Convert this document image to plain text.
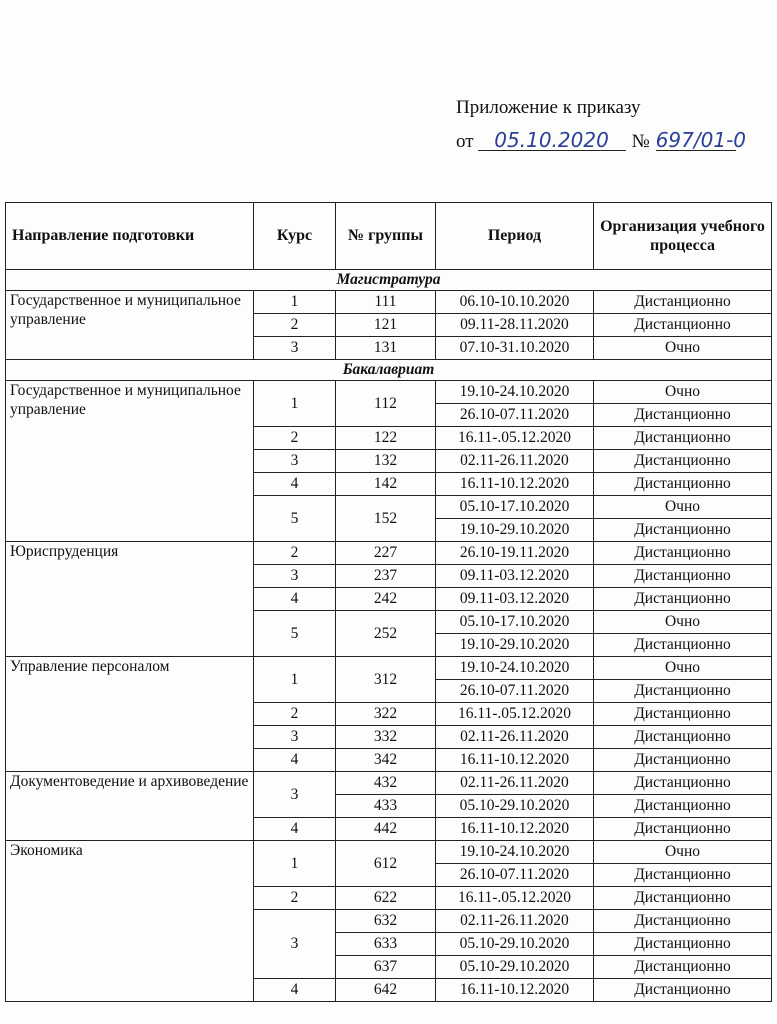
Приложение к приказу
от 05.10.2020 № 697/01-0
Направление подготовки	Курс	№ группы	Период	Организация учебного процесса
Магистратура				
Государственное и муниципальное управление	1	111	06.10-10.10.2020	Дистанционно
	2	121	09.11-28.11.2020	Дистанционно
	3	131	07.10-31.10.2020	Очно
Бакалавриат				
Государственное и муниципальное управление	1	112	19.10-24.10.2020	Очно
			26.10-07.11.2020	Дистанционно
	2	122	16.11-.05.12.2020	Дистанционно
	3	132	02.11-26.11.2020	Дистанционно
	4	142	16.11-10.12.2020	Дистанционно
	5	152	05.10-17.10.2020	Очно
			19.10-29.10.2020	Дистанционно
Юриспруденция	2	227	26.10-19.11.2020	Дистанционно
	3	237	09.11-03.12.2020	Дистанционно
	4	242	09.11-03.12.2020	Дистанционно
	5	252	05.10-17.10.2020	Очно
			19.10-29.10.2020	Дистанционно
Управление персоналом	1	312	19.10-24.10.2020	Очно
			26.10-07.11.2020	Дистанционно
	2	322	16.11-.05.12.2020	Дистанционно
	3	332	02.11-26.11.2020	Дистанционно
	4	342	16.11-10.12.2020	Дистанционно
Документоведение и архивоведение	3	432	02.11-26.11.2020	Дистанционно
		433	05.10-29.10.2020	Дистанционно
	4	442	16.11-10.12.2020	Дистанционно
Экономика	1	612	19.10-24.10.2020	Очно
			26.10-07.11.2020	Дистанционно
	2	622	16.11-.05.12.2020	Дистанционно
	3	632	02.11-26.11.2020	Дистанционно
		633	05.10-29.10.2020	Дистанционно
		637	05.10-29.10.2020	Дистанционно
	4	642	16.11-10.12.2020	Дистанционно
